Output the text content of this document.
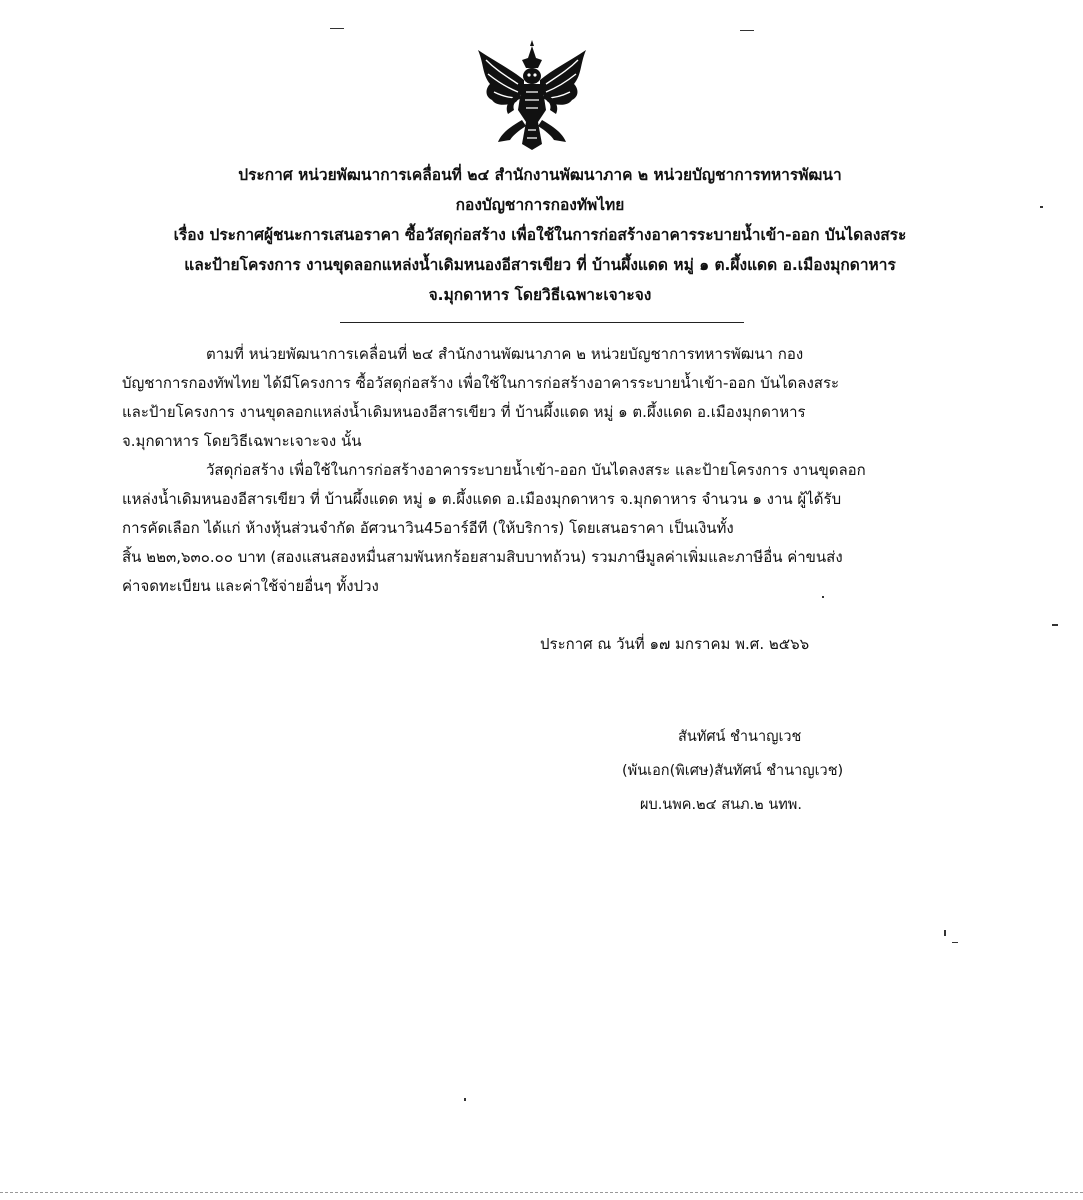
ประกาศ หน่วยพัฒนาการเคลื่อนที่ ๒๔ สำนักงานพัฒนาภาค ๒ หน่วยบัญชาการทหารพัฒนา
กองบัญชาการกองทัพไทย
เรื่อง ประกาศผู้ชนะการเสนอราคา ซื้อวัสดุก่อสร้าง เพื่อใช้ในการก่อสร้างอาคารระบายน้ำเข้า-ออก บันไดลงสระ
และป้ายโครงการ งานขุดลอกแหล่งน้ำเดิมหนองอีสารเขียว ที่ บ้านผึ้งแดด หมู่ ๑ ต.ผึ้งแดด อ.เมืองมุกดาหาร
จ.มุกดาหาร โดยวิธีเฉพาะเจาะจง
ตามที่ หน่วยพัฒนาการเคลื่อนที่ ๒๔ สำนักงานพัฒนาภาค ๒ หน่วยบัญชาการทหารพัฒนา กอง
บัญชาการกองทัพไทย ได้มีโครงการ ซื้อวัสดุก่อสร้าง เพื่อใช้ในการก่อสร้างอาคารระบายน้ำเข้า-ออก บันไดลงสระ
และป้ายโครงการ งานขุดลอกแหล่งน้ำเดิมหนองอีสารเขียว ที่ บ้านผึ้งแดด หมู่ ๑ ต.ผึ้งแดด อ.เมืองมุกดาหาร
จ.มุกดาหาร โดยวิธีเฉพาะเจาะจง นั้น
วัสดุก่อสร้าง เพื่อใช้ในการก่อสร้างอาคารระบายน้ำเข้า-ออก บันไดลงสระ และป้ายโครงการ งานขุดลอก
แหล่งน้ำเดิมหนองอีสารเขียว ที่ บ้านผึ้งแดด หมู่ ๑ ต.ผึ้งแดด อ.เมืองมุกดาหาร จ.มุกดาหาร จำนวน ๑ งาน ผู้ได้รับ
การคัดเลือก ได้แก่ ห้างหุ้นส่วนจำกัด อัศวนาวิน45อาร์อีที (ให้บริการ) โดยเสนอราคา เป็นเงินทั้ง
สิ้น ๒๒๓,๖๓๐.๐๐ บาท (สองแสนสองหมื่นสามพันหกร้อยสามสิบบาทถ้วน) รวมภาษีมูลค่าเพิ่มและภาษีอื่น ค่าขนส่ง
ค่าจดทะเบียน และค่าใช้จ่ายอื่นๆ ทั้งปวง
ประกาศ ณ วันที่ ๑๗ มกราคม พ.ศ. ๒๕๖๖
สันทัศน์ ชำนาญเวช
(พันเอก(พิเศษ)สันทัศน์ ชำนาญเวช)
ผบ.นพค.๒๔ สนภ.๒ นทพ.
